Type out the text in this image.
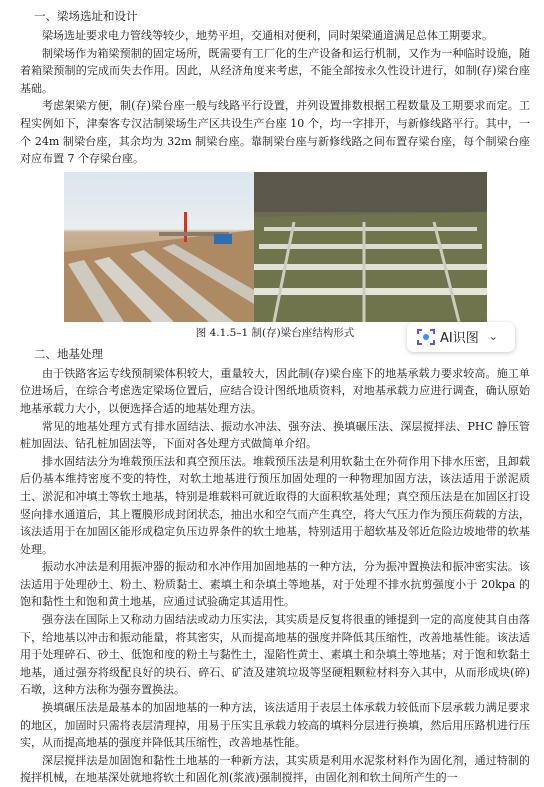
一、梁场选址和设计

梁场选址要求电力管线等较少，地势平坦，交通相对便利，同时架梁通道满足总体工期要求。

制梁场作为箱梁预制的固定场所，既需要有工厂化的生产设备和运行机制，又作为一种临时设施，随着箱梁预制的完成而失去作用。因此，从经济角度来考虑，不能全部按永久性设计进行，如制(存)梁台座基础。

考虑架梁方便，制(存)梁台座一般与线路平行设置，并列设置排数根据工程数量及工期要求而定。工程实例如下，津秦客专汉沽制梁场生产区共设生产台座 10 个，均一字排开，与新修线路平行。其中，一个 24m 制梁台座，其余均为 32m 制梁台座。靠制梁台座与新修线路之间布置存梁台座，每个制梁台座对应布置 7 个存梁台座。

图 4.1.5–1 制(存)梁台座结构形式	AI识图 ⌄
二、地基处理

由于铁路客运专线预制梁体积较大，重量较大，因此制(存)梁台座下的地基承载力要求较高。施工单位进场后，在综合考虑选定梁场位置后，应结合设计图纸地质资料，对地基承载力应进行调查，确认原始地基承载力大小，以便选择合适的地基处理方法。

常见的地基处理方式有排水固结法、振动水冲法、强夯法、换填碾压法、深层搅拌法、PHC 静压管桩加固法、钻孔桩加固法等，下面对各处理方式做简单介绍。

排水固结法分为堆载预压法和真空预压法。堆载预压法是利用软黏土在外荷作用下排水压密，且卸载后仍基本维持密度不变的特性，对软土地基进行预压加固处理的一种物理加固方法，该法适用于淤泥质土、淤泥和冲填土等软土地基，特别是堆载料可就近取得的大面积软基处理；真空预压法是在加固区打设竖向排水通道后，其上覆膜形成封闭状态，抽出水和空气而产生真空，将大气压力作为预压荷载的方法，该法适用于在加固区能形成稳定负压边界条件的软土地基，特别适用于超软基及邻近危险边坡地带的软基处理。

振动水冲法是利用振冲器的振动和水冲作用加固地基的一种方法，分为振冲置换法和振冲密实法。该法适用于处理砂土、粉土、粉质黏土、素填土和杂填土等地基，对于处理不排水抗剪强度小于 20kpa 的饱和黏性土和饱和黄土地基，应通过试验确定其适用性。

强夯法在国际上又称动力固结法或动力压实法，其实质是反复将很重的锤提到一定的高度使其自由落下，给地基以冲击和振动能量，将其密实，从而提高地基的强度并降低其压缩性，改善地基性能。该法适用于处理碎石、砂土、低饱和度的粉土与黏性土，湿陷性黄土、素填土和杂填土等地基；对于饱和软黏土地基，通过强夯将级配良好的块石、碎石、矿渣及建筑垃圾等坚硬粗颗粒材料夯入其中，从而形成块(碎)石墩，这种方法称为强夯置换法。

换填碾压法是最基本的加固地基的一种方法，该法适用于表层土体承载力较低而下层承载力满足要求的地区，加固时只需将表层清理掉，用易于压实且承载力较高的填料分层进行换填，然后用压路机进行压实，从而提高地基的强度并降低其压缩性，改善地基性能。

深层搅拌法是加固饱和黏性土地基的一种新方法，其实质是利用水泥浆材料作为固化剂，通过特制的搅拌机械，在地基深处就地将软土和固化剂(浆液)强制搅拌，由固化剂和软土间所产生的一
